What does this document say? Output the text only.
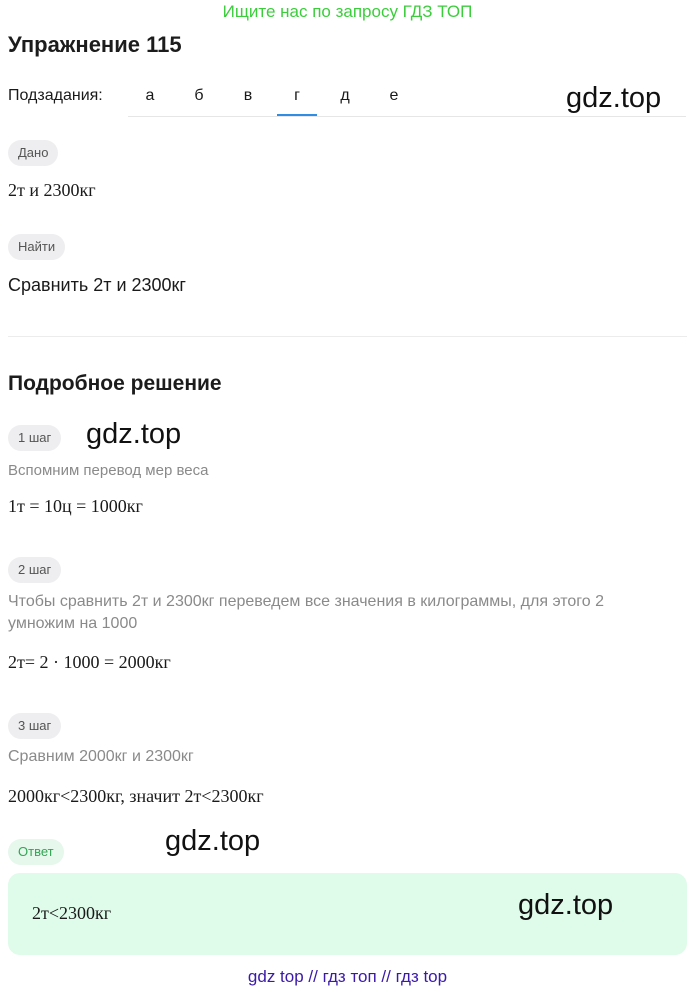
Ищите нас по запросу ГДЗ ТОП
Упражнение 115
Подзадания:	а	б	в	г	д	е	gdz.top
Дано
2т и 2300кг
Найти
Сравнить 2т и 2300кг
Подробное решение
1 шаг	gdz.top
Вспомним перевод мер веса
1т = 10ц = 1000кг
2 шаг
Чтобы сравнить 2т и 2300кг переведем все значения в килограммы, для этого 2
умножим на 1000
2т= 2 · 1000 = 2000кг
3 шаг
Сравним 2000кг и 2300кг
2000кг<2300кг, значит 2т<2300кг
Ответ	gdz.top
2т<2300кг	gdz.top
gdz top // гдз топ // гдз top
